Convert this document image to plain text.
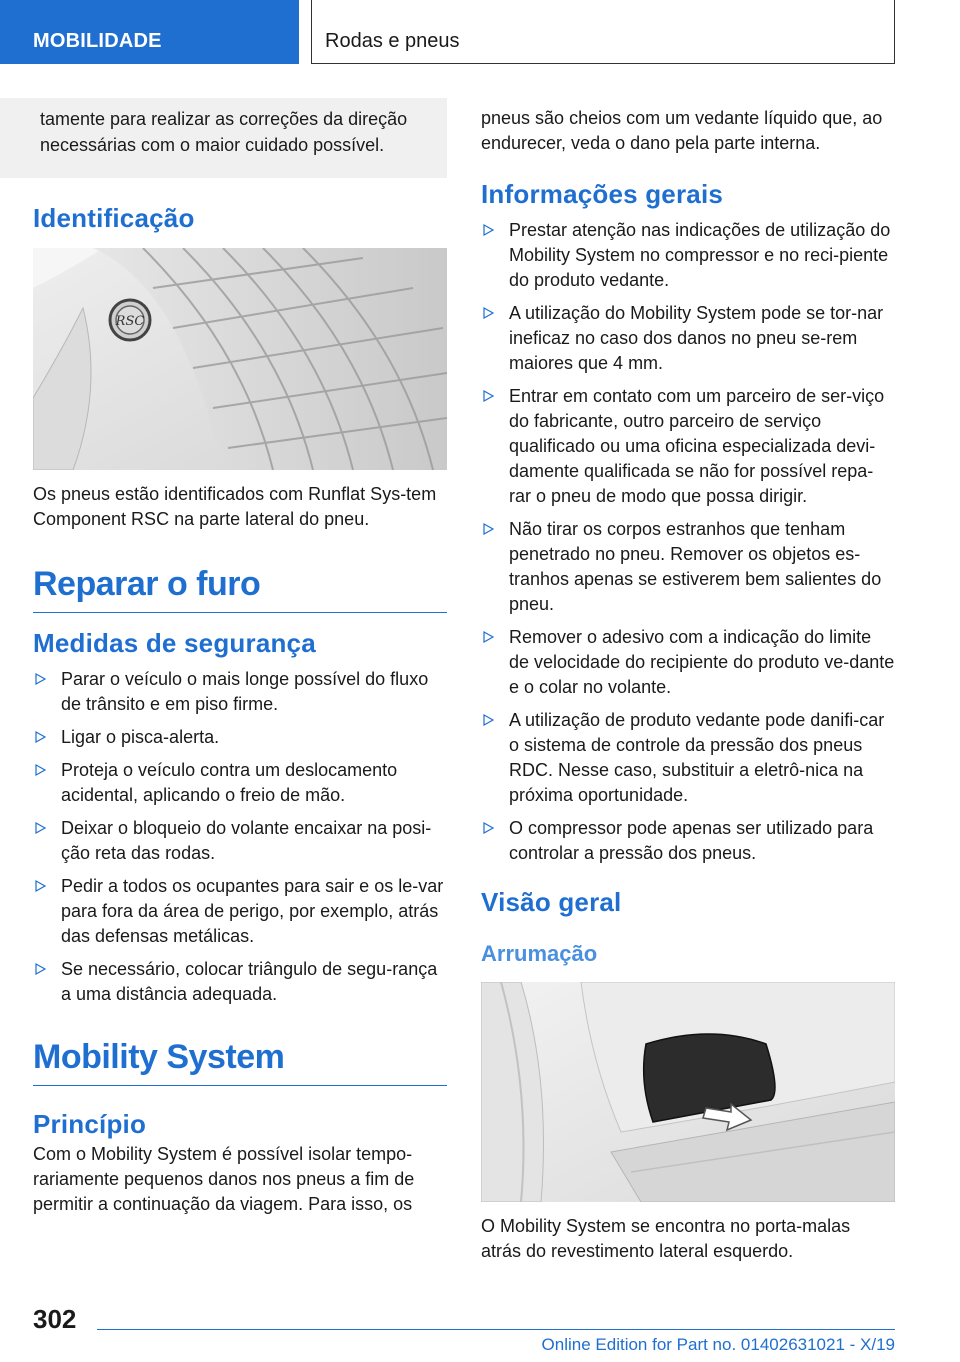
MOBILIDADE	Rodas e pneus

tamente para realizar as correções da direção necessárias com o maior cuidado possível.

Identificação
RSC

Os pneus estão identificados com Runflat Sys‐tem Component RSC na parte lateral do pneu.

Reparar o furo
Medidas de segurança
Parar o veículo o mais longe possível do fluxo de trânsito e em piso firme.
Ligar o pisca-alerta.
Proteja o veículo contra um deslocamento acidental, aplicando o freio de mão.
Deixar o bloqueio do volante encaixar na posi‐ção reta das rodas.
Pedir a todos os ocupantes para sair e os le‐var para fora da área de perigo, por exemplo, atrás das defensas metálicas.
Se necessário, colocar triângulo de segu‐rança a uma distância adequada.
Mobility System
Princípio

Com o Mobility System é possível isolar tempo‐rariamente pequenos danos nos pneus a fim de permitir a continuação da viagem. Para isso, os

pneus são cheios com um vedante líquido que, ao endurecer, veda o dano pela parte interna.

Informações gerais
Prestar atenção nas indicações de utilização do Mobility System no compressor e no reci‐piente do produto vedante.
A utilização do Mobility System pode se tor‐nar ineficaz no caso dos danos no pneu se‐rem maiores que 4 mm.
Entrar em contato com um parceiro de ser‐viço do fabricante, outro parceiro de serviço qualificado ou uma oficina especializada devi‐damente qualificada se não for possível repa‐rar o pneu de modo que possa dirigir.
Não tirar os corpos estranhos que tenham penetrado no pneu. Remover os objetos es‐tranhos apenas se estiverem bem salientes do pneu.
Remover o adesivo com a indicação do limite de velocidade do recipiente do produto ve‐dante e o colar no volante.
A utilização de produto vedante pode danifi‐car o sistema de controle da pressão dos pneus RDC. Nesse caso, substituir a eletrô‐nica na próxima oportunidade.
O compressor pode apenas ser utilizado para controlar a pressão dos pneus.
Visão geral
Arrumação

O Mobility System se encontra no porta-malas atrás do revestimento lateral esquerdo.

302
Online Edition for Part no. 01402631021 - X/19
